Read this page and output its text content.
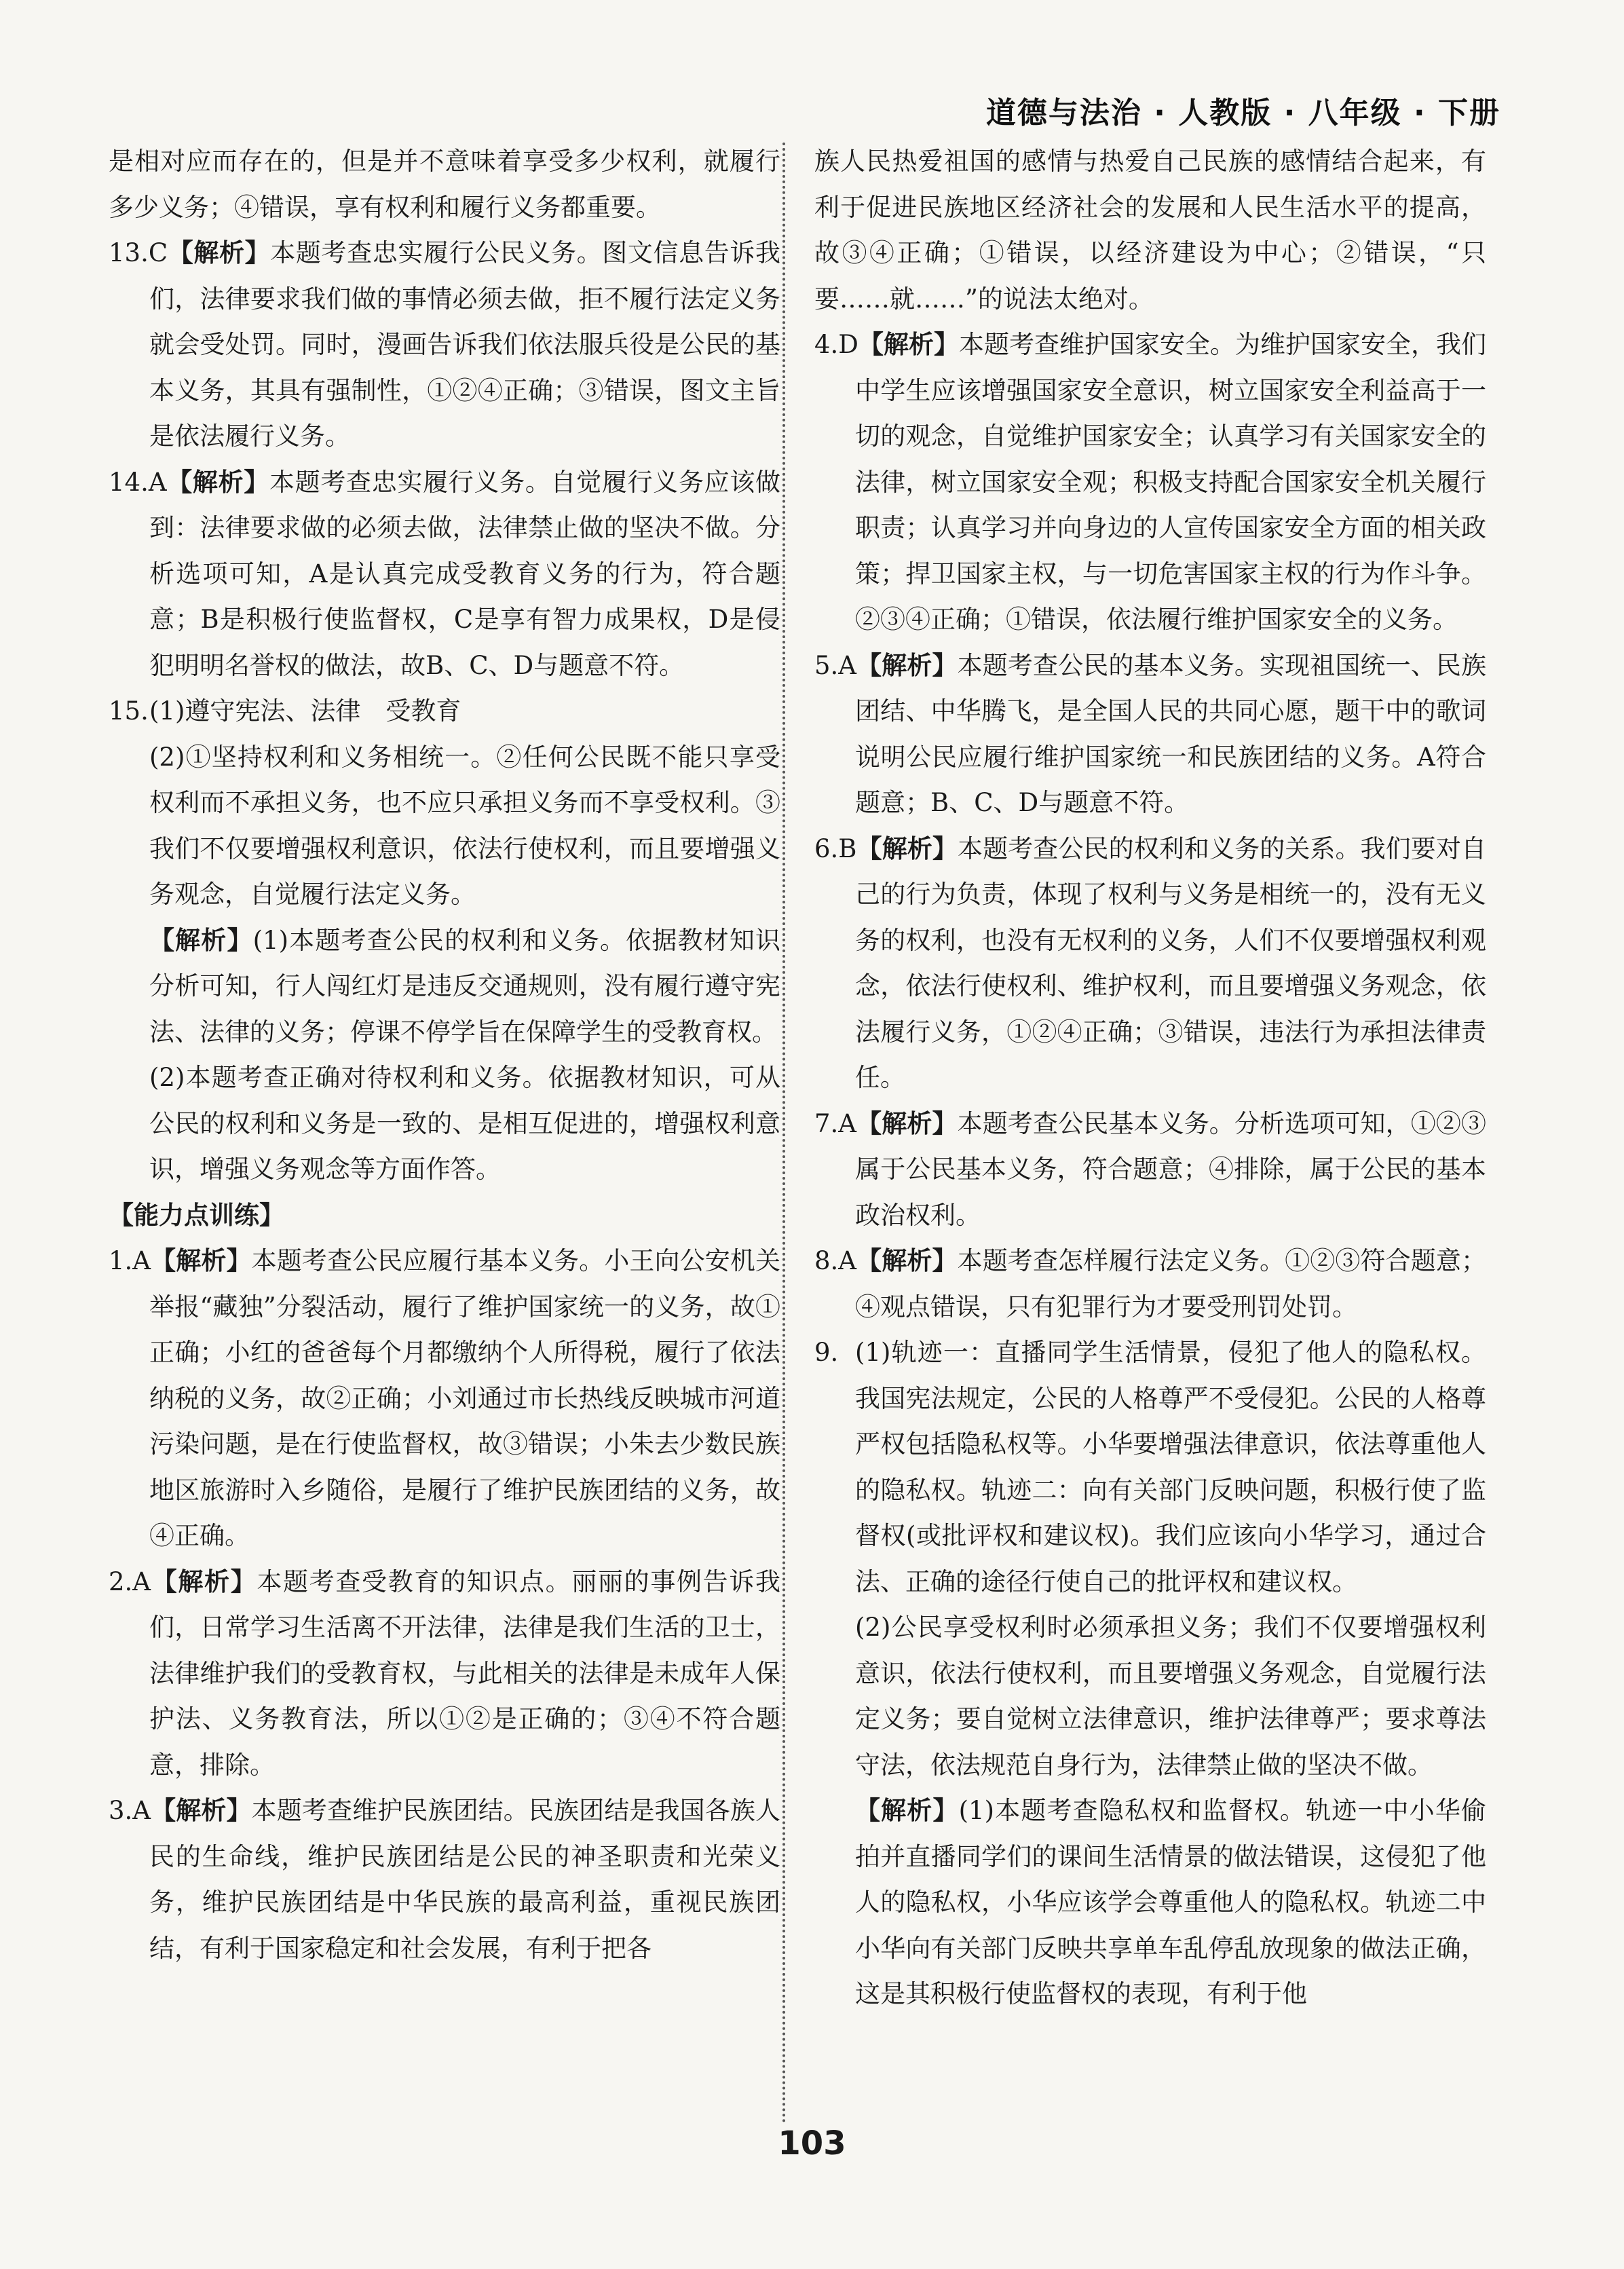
道德与法治 · 人教版 · 八年级 · 下册

是相对应而存在的，但是并不意味着享受多少权利，就履行多少义务；④错误，享有权利和履行义务都重要。

13.C【解析】本题考查忠实履行公民义务。图文信息告诉我们，法律要求我们做的事情必须去做，拒不履行法定义务就会受处罚。同时，漫画告诉我们依法服兵役是公民的基本义务，其具有强制性，①②④正确；③错误，图文主旨是依法履行义务。

14.A【解析】本题考查忠实履行义务。自觉履行义务应该做到：法律要求做的必须去做，法律禁止做的坚决不做。分析选项可知，A是认真完成受教育义务的行为，符合题意；B是积极行使监督权，C是享有智力成果权，D是侵犯明明名誉权的做法，故B、C、D与题意不符。

15.(1)遵守宪法、法律　受教育

(2)①坚持权利和义务相统一。②任何公民既不能只享受权利而不承担义务，也不应只承担义务而不享受权利。③我们不仅要增强权利意识，依法行使权利，而且要增强义务观念，自觉履行法定义务。

【解析】(1)本题考查公民的权利和义务。依据教材知识分析可知，行人闯红灯是违反交通规则，没有履行遵守宪法、法律的义务；停课不停学旨在保障学生的受教育权。

(2)本题考查正确对待权利和义务。依据教材知识，可从公民的权利和义务是一致的、是相互促进的，增强权利意识，增强义务观念等方面作答。

【能力点训练】

1.A【解析】本题考查公民应履行基本义务。小王向公安机关举报“藏独”分裂活动，履行了维护国家统一的义务，故①正确；小红的爸爸每个月都缴纳个人所得税，履行了依法纳税的义务，故②正确；小刘通过市长热线反映城市河道污染问题，是在行使监督权，故③错误；小朱去少数民族地区旅游时入乡随俗，是履行了维护民族团结的义务，故④正确。

2.A【解析】本题考查受教育的知识点。丽丽的事例告诉我们，日常学习生活离不开法律，法律是我们生活的卫士，法律维护我们的受教育权，与此相关的法律是未成年人保护法、义务教育法，所以①②是正确的；③④不符合题意，排除。

3.A【解析】本题考查维护民族团结。民族团结是我国各族人民的生命线，维护民族团结是公民的神圣职责和光荣义务，维护民族团结是中华民族的最高利益，重视民族团结，有利于国家稳定和社会发展，有利于把各

族人民热爱祖国的感情与热爱自己民族的感情结合起来，有利于促进民族地区经济社会的发展和人民生活水平的提高，故③④正确；①错误，以经济建设为中心；②错误，“只要……就……”的说法太绝对。

4.D【解析】本题考查维护国家安全。为维护国家安全，我们中学生应该增强国家安全意识，树立国家安全利益高于一切的观念，自觉维护国家安全；认真学习有关国家安全的法律，树立国家安全观；积极支持配合国家安全机关履行职责；认真学习并向身边的人宣传国家安全方面的相关政策；捍卫国家主权，与一切危害国家主权的行为作斗争。②③④正确；①错误，依法履行维护国家安全的义务。

5.A【解析】本题考查公民的基本义务。实现祖国统一、民族团结、中华腾飞，是全国人民的共同心愿，题干中的歌词说明公民应履行维护国家统一和民族团结的义务。A符合题意；B、C、D与题意不符。

6.B【解析】本题考查公民的权利和义务的关系。我们要对自己的行为负责，体现了权利与义务是相统一的，没有无义务的权利，也没有无权利的义务，人们不仅要增强权利观念，依法行使权利、维护权利，而且要增强义务观念，依法履行义务，①②④正确；③错误，违法行为承担法律责任。

7.A【解析】本题考查公民基本义务。分析选项可知，①②③属于公民基本义务，符合题意；④排除，属于公民的基本政治权利。

8.A【解析】本题考查怎样履行法定义务。①②③符合题意；④观点错误，只有犯罪行为才要受刑罚处罚。

9. (1)轨迹一：直播同学生活情景，侵犯了他人的隐私权。我国宪法规定，公民的人格尊严不受侵犯。公民的人格尊严权包括隐私权等。小华要增强法律意识，依法尊重他人的隐私权。轨迹二：向有关部门反映问题，积极行使了监督权(或批评权和建议权)。我们应该向小华学习，通过合法、正确的途径行使自己的批评权和建议权。

(2)公民享受权利时必须承担义务；我们不仅要增强权利意识，依法行使权利，而且要增强义务观念，自觉履行法定义务；要自觉树立法律意识，维护法律尊严；要求尊法守法，依法规范自身行为，法律禁止做的坚决不做。

【解析】(1)本题考查隐私权和监督权。轨迹一中小华偷拍并直播同学们的课间生活情景的做法错误，这侵犯了他人的隐私权，小华应该学会尊重他人的隐私权。轨迹二中小华向有关部门反映共享单车乱停乱放现象的做法正确，这是其积极行使监督权的表现，有利于他

103
